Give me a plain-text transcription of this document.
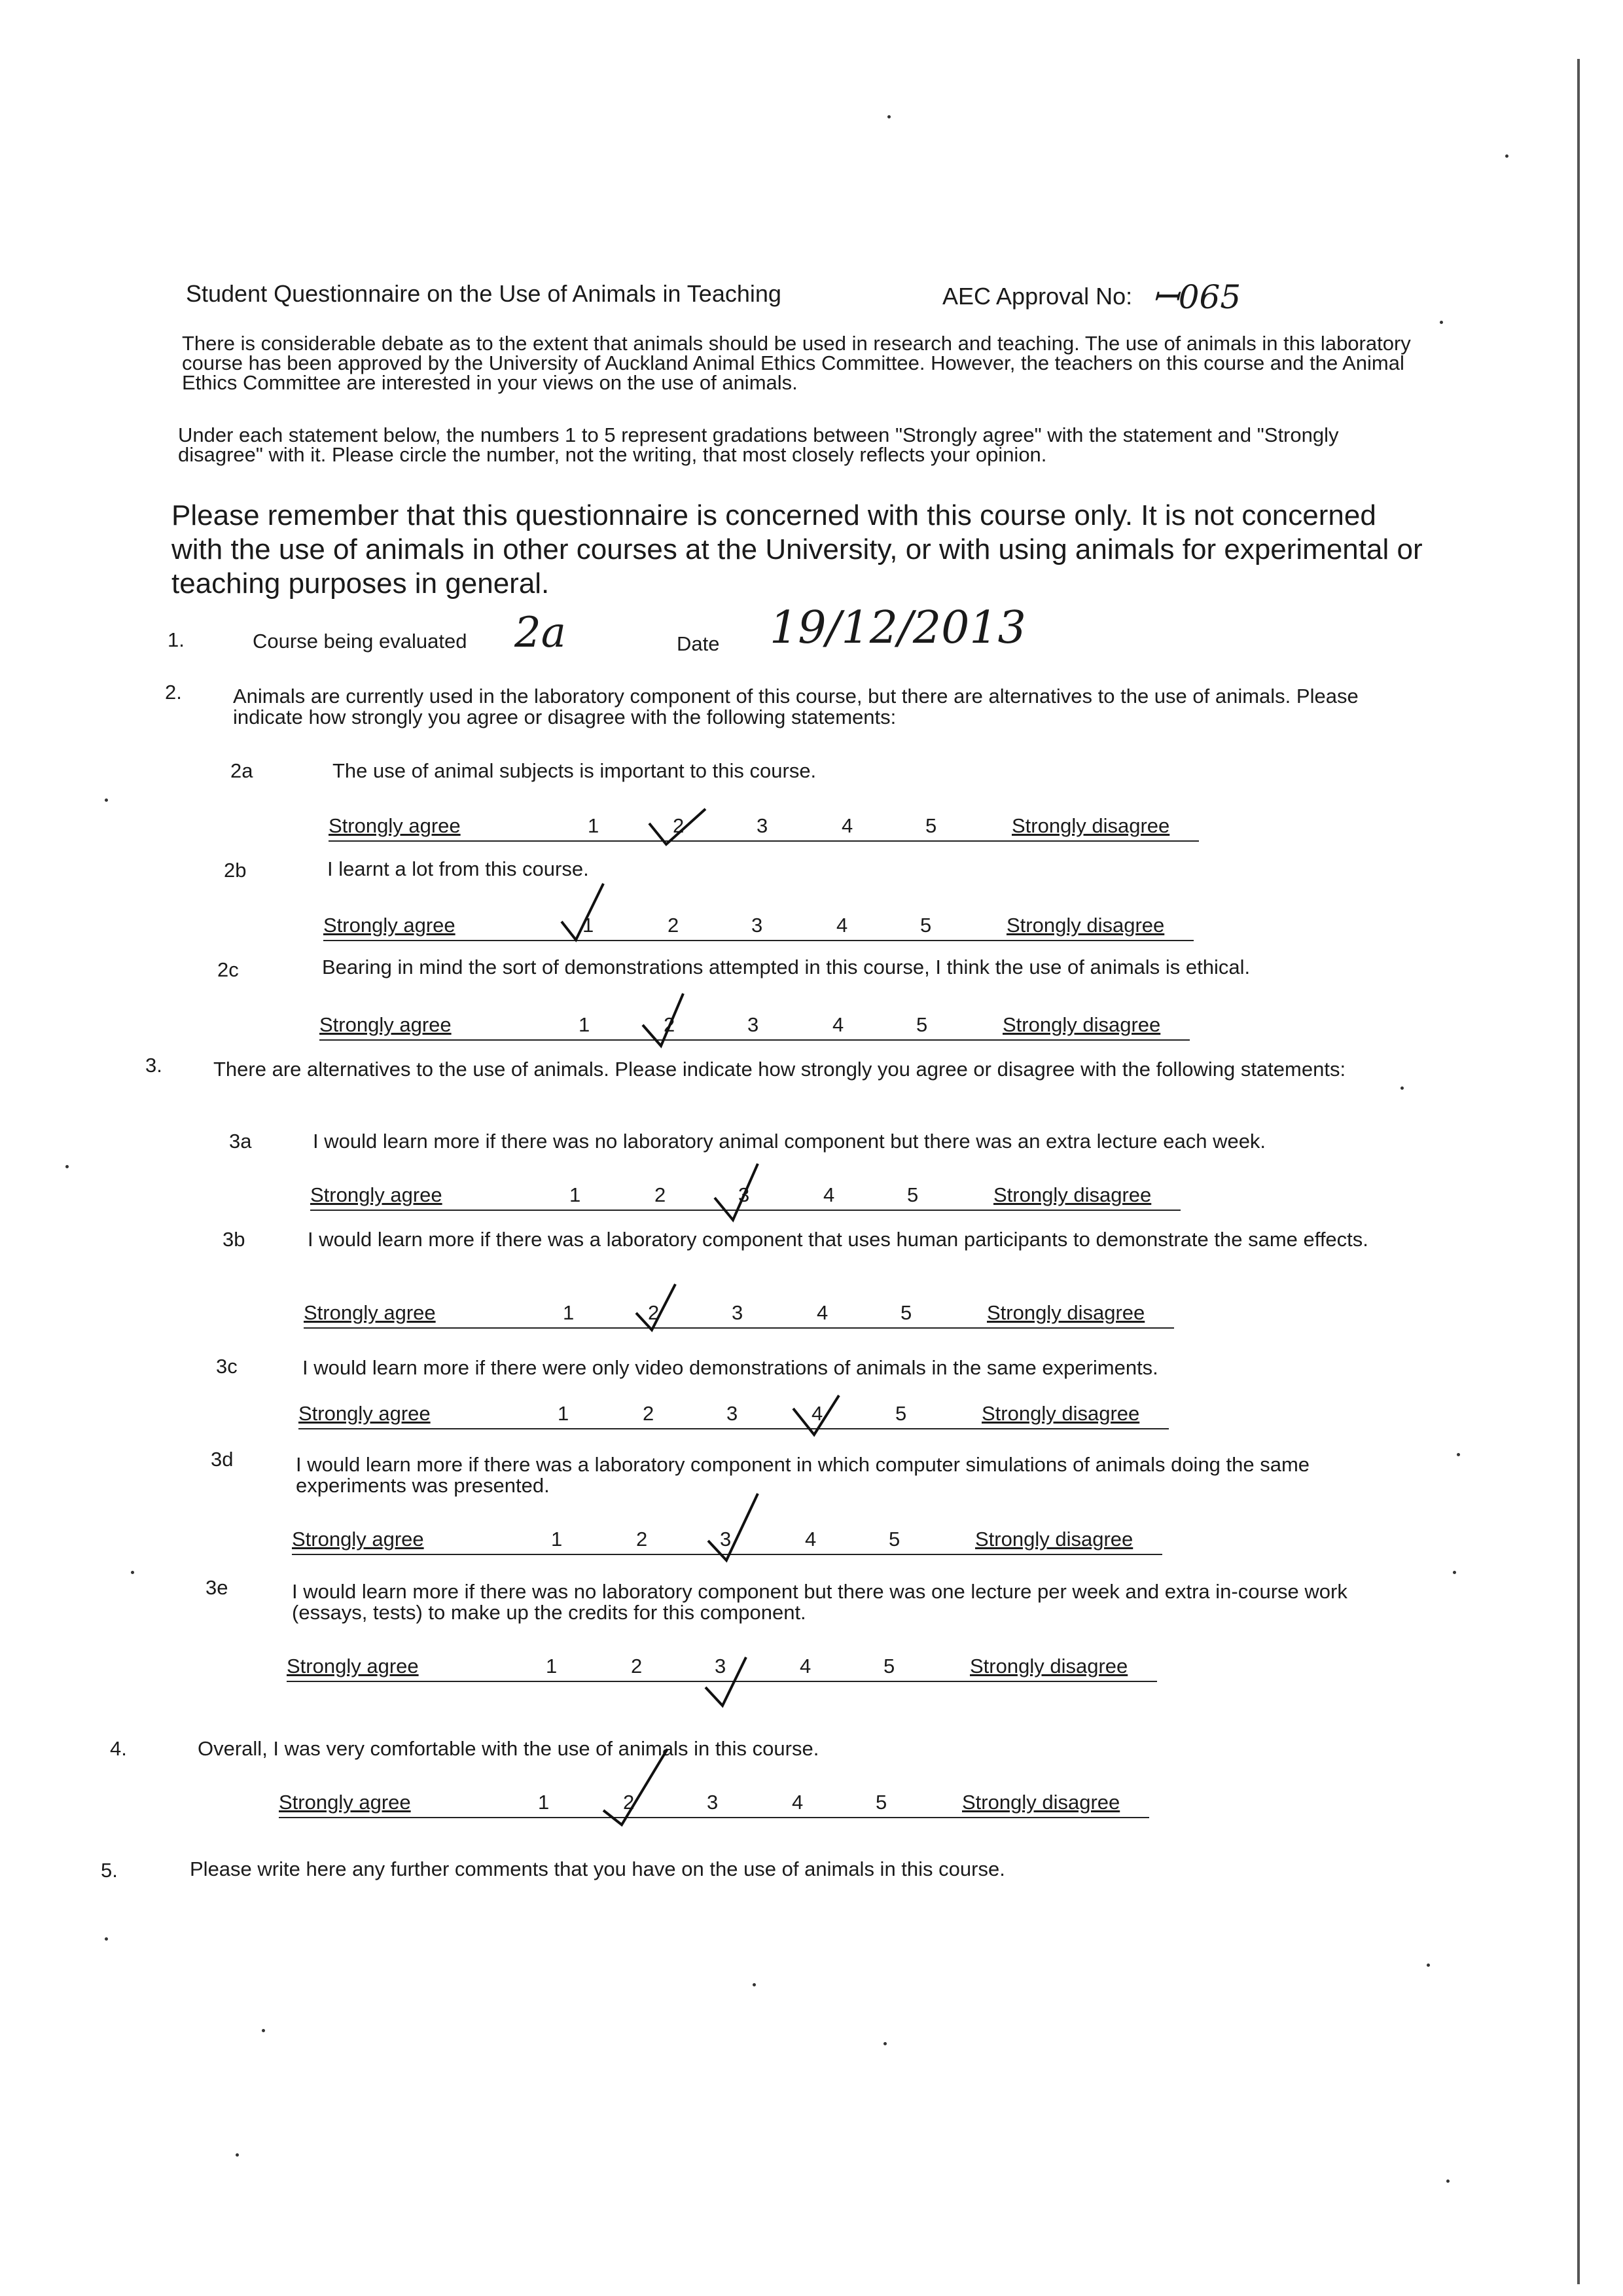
Student Questionnaire on the Use of Animals in Teaching	AEC Approval No: ꟷ065
There is considerable debate as to the extent that animals should be used in research and teaching. The use of animals in this laboratory course has been approved by the University of Auckland Animal Ethics Committee. However, the teachers on this course and the Animal Ethics Committee are interested in your views on the use of animals.
Under each statement below, the numbers 1 to 5 represent gradations between "Strongly agree" with the statement and "Strongly disagree" with it. Please circle the number, not the writing, that most closely reflects your opinion.
Please remember that this questionnaire is concerned with this course only. It is not concerned with the use of animals in other courses at the University, or with using animals for experimental or teaching purposes in general.
1.	Course being evaluated 2a	Date 19/12/2013
2.	Animals are currently used in the laboratory component of this course, but there are alternatives to the use of animals. Please indicate how strongly you agree or disagree with the following statements:
2a	The use of animal subjects is important to this course.
Strongly agree	1	2	3	4	5	Strongly disagree
2b	I learnt a lot from this course.
Strongly agree	1	2	3	4	5	Strongly disagree
2c	Bearing in mind the sort of demonstrations attempted in this course, I think the use of animals is ethical.
Strongly agree	1	2	3	4	5	Strongly disagree
3.	There are alternatives to the use of animals. Please indicate how strongly you agree or disagree with the following statements:
3a	I would learn more if there was no laboratory animal component but there was an extra lecture each week.
Strongly agree	1	2	3	4	5	Strongly disagree
3b	I would learn more if there was a laboratory component that uses human participants to demonstrate the same effects.
Strongly agree	1	2	3	4	5	Strongly disagree
3c	I would learn more if there were only video demonstrations of animals in the same experiments.
Strongly agree	1	2	3	4	5	Strongly disagree
3d	I would learn more if there was a laboratory component in which computer simulations of animals doing the same experiments was presented.
Strongly agree	1	2	3	4	5	Strongly disagree
3e	I would learn more if there was no laboratory component but there was one lecture per week and extra in-course work (essays, tests) to make up the credits for this component.
Strongly agree	1	2	3	4	5	Strongly disagree
4.	Overall, I was very comfortable with the use of animals in this course.
Strongly agree	1	2	3	4	5	Strongly disagree
5.	Please write here any further comments that you have on the use of animals in this course.
